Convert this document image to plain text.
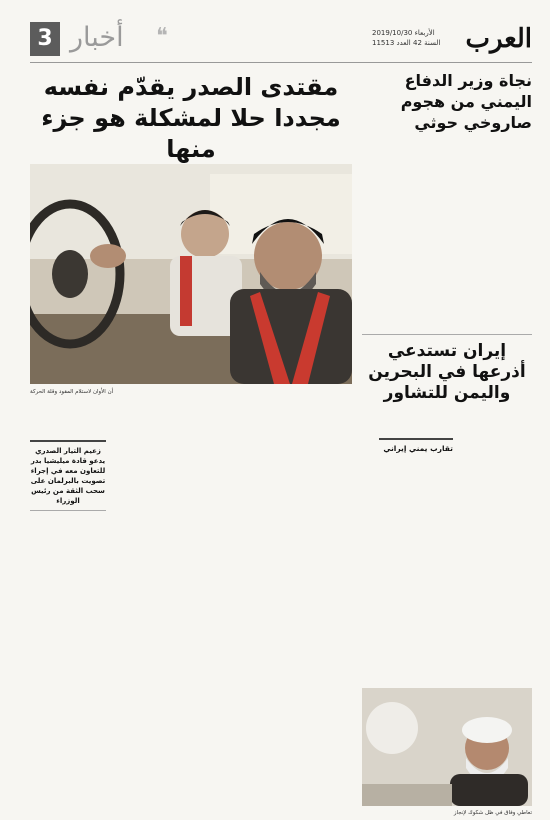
العرب
الأربعاء 2019/10/30
السنة 42 العدد 11513
3 أخبار ❝
نجاة وزير الدفاع اليمني من هجوم صاروخي حوثي

إيران تستدعي أذرعها في البحرين واليمن للتشاور

تقارب يمني إيراني
مقتدى الصدر يقدّم نفسه مجددا حلا لمشكلة هو جزء منها
أن الأوان لاستلام المقود وقلة الحركة

زعيم التيار الصدري يدعو قادة ميليشيا بدر للتعاون معه في إجراء تصويت بالبرلمان على سحب الثقة من رئيس الوزراء

تعاطي وفاق في ظل شكوك لإنجاز
